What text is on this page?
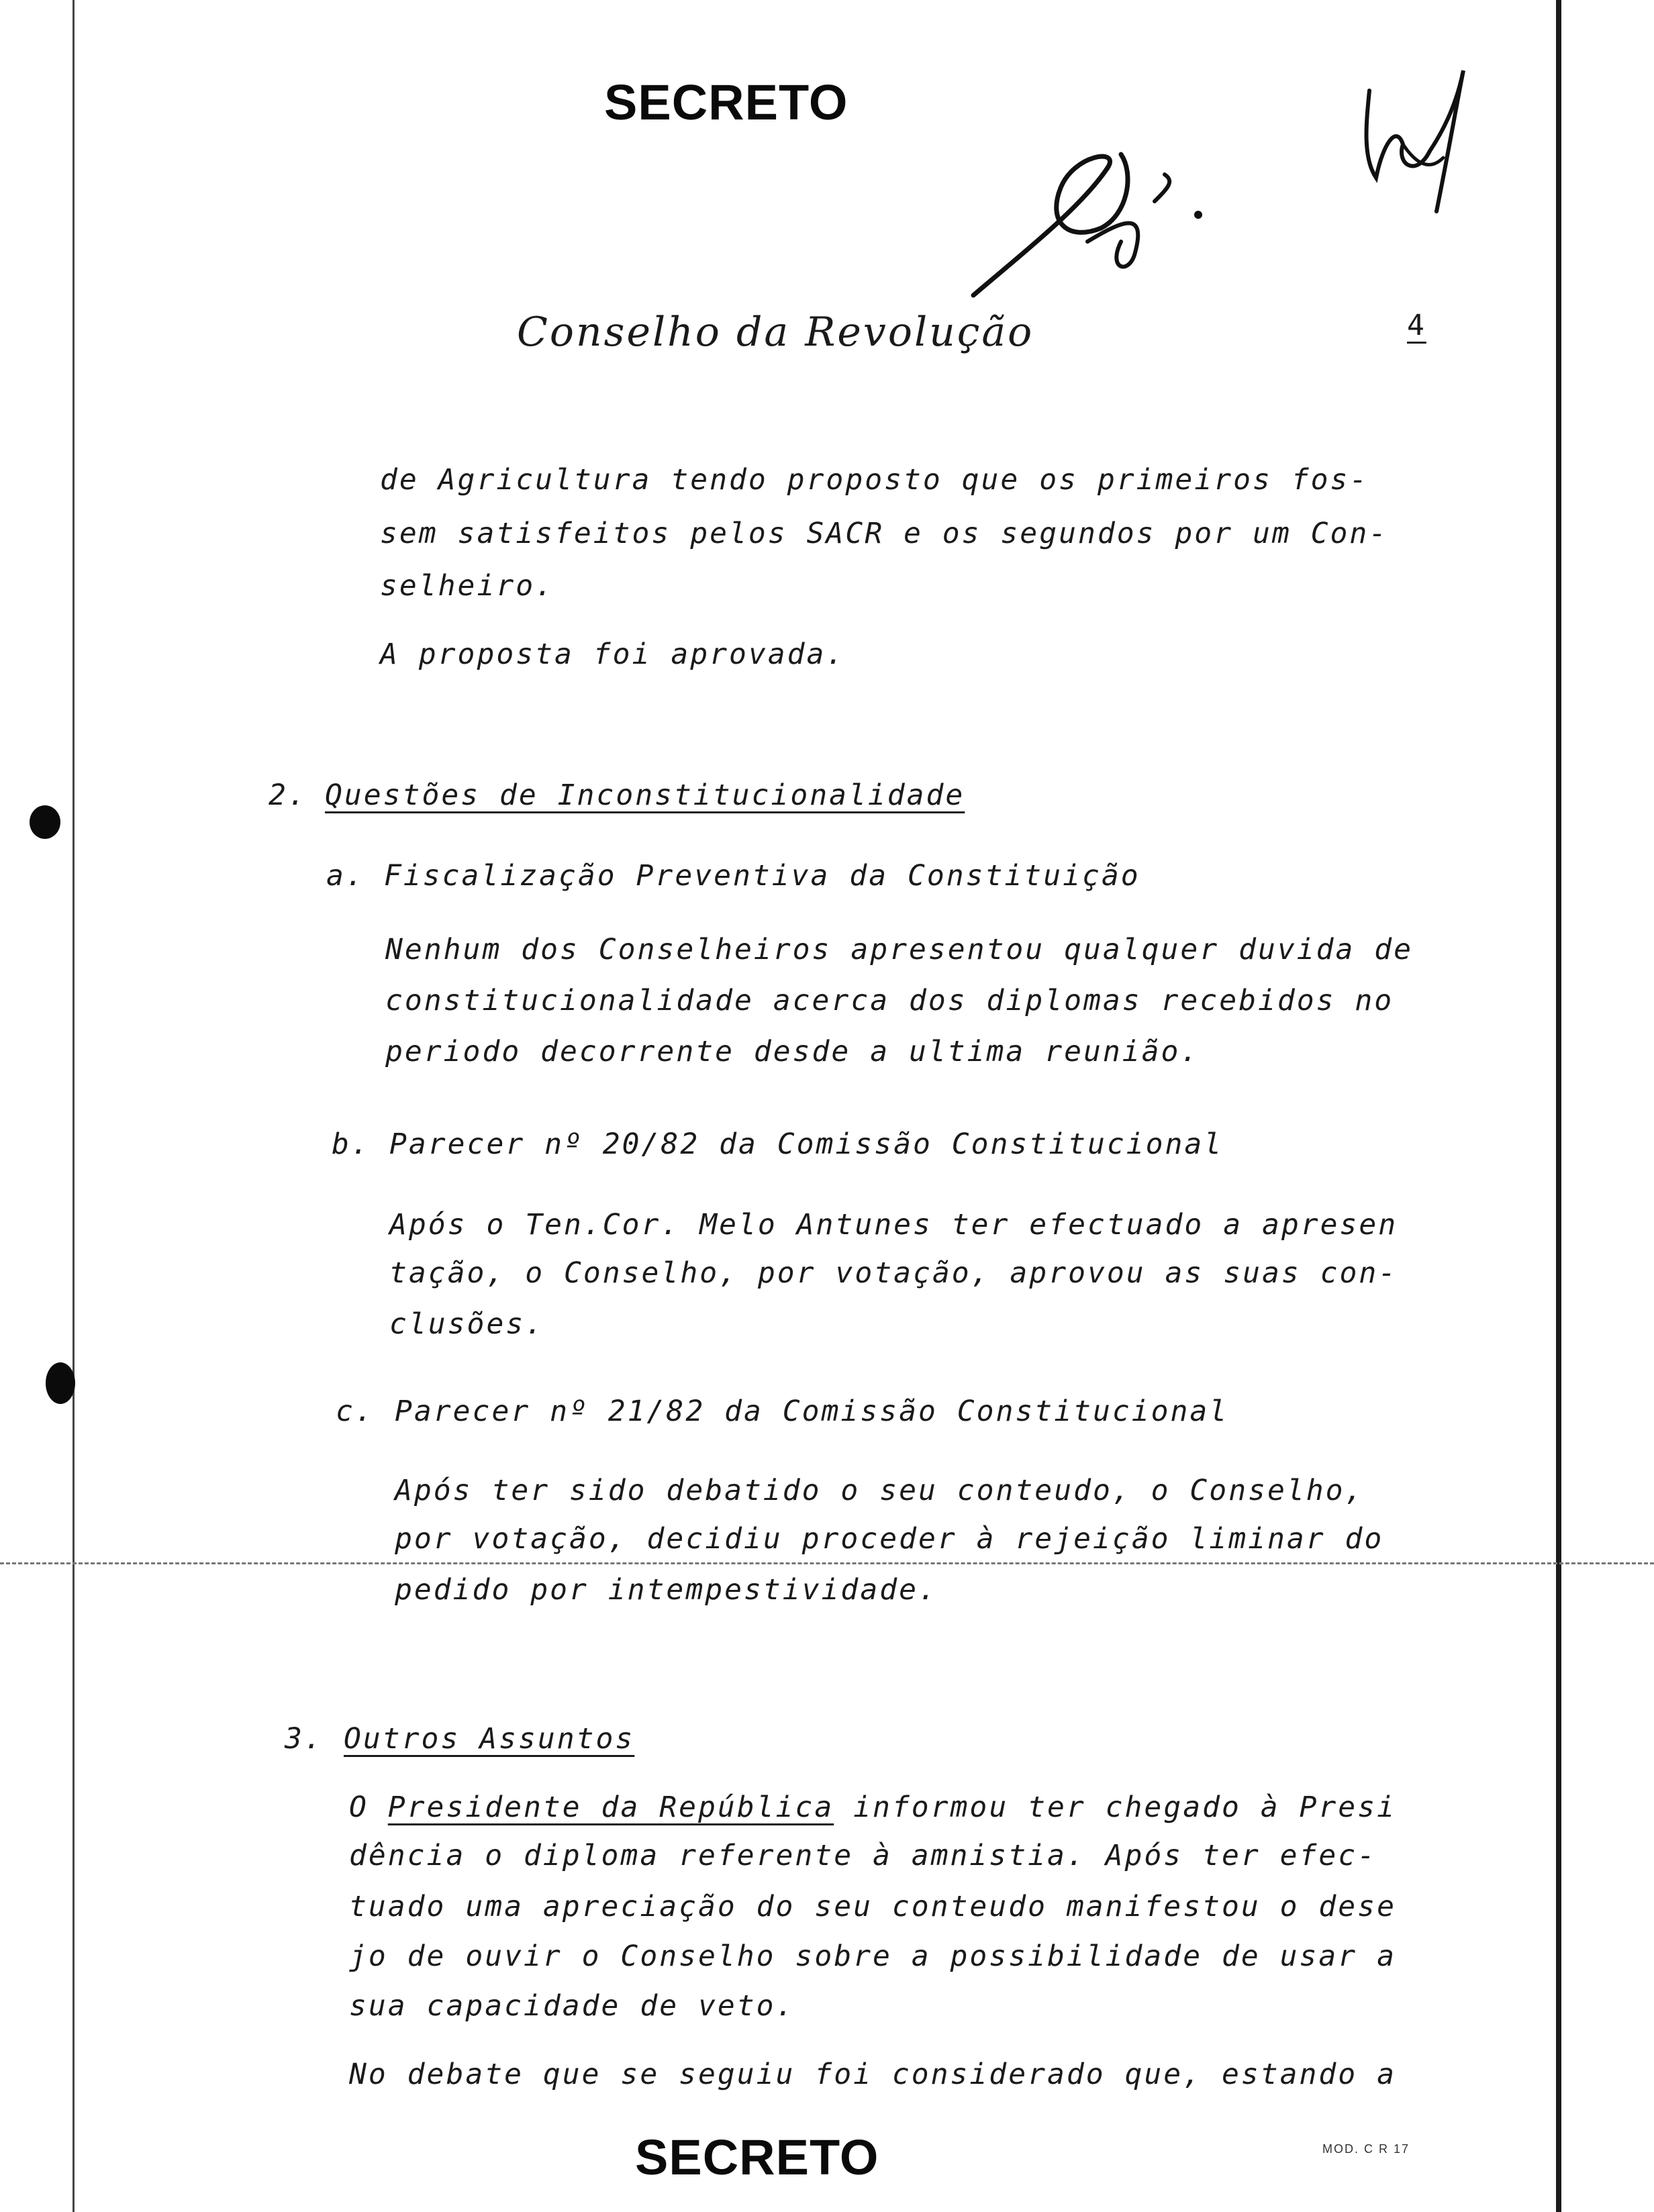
SECRETO
Conselho da Revolução	4
de Agricultura tendo proposto que os primeiros fos-
sem satisfeitos pelos SACR e os segundos por um Con-
selheiro.
A proposta foi aprovada.
2. Questões de Inconstitucionalidade
a. Fiscalização Preventiva da Constituição
Nenhum dos Conselheiros apresentou qualquer duvida de
constitucionalidade acerca dos diplomas recebidos no
periodo decorrente desde a ultima reunião.
b. Parecer nº 20/82 da Comissão Constitucional
Após o Ten.Cor. Melo Antunes ter efectuado a apresen
tação, o Conselho, por votação, aprovou as suas con-
clusões.
c. Parecer nº 21/82 da Comissão Constitucional
Após ter sido debatido o seu conteudo, o Conselho,
por votação, decidiu proceder à rejeição liminar do
pedido por intempestividade.
3. Outros Assuntos
O Presidente da República informou ter chegado à Presi
dência o diploma referente à amnistia. Após ter efec-
tuado uma apreciação do seu conteudo manifestou o dese
jo de ouvir o Conselho sobre a possibilidade de usar a
sua capacidade de veto.
No debate que se seguiu foi considerado que, estando a
SECRETO	MOD. C R 17
